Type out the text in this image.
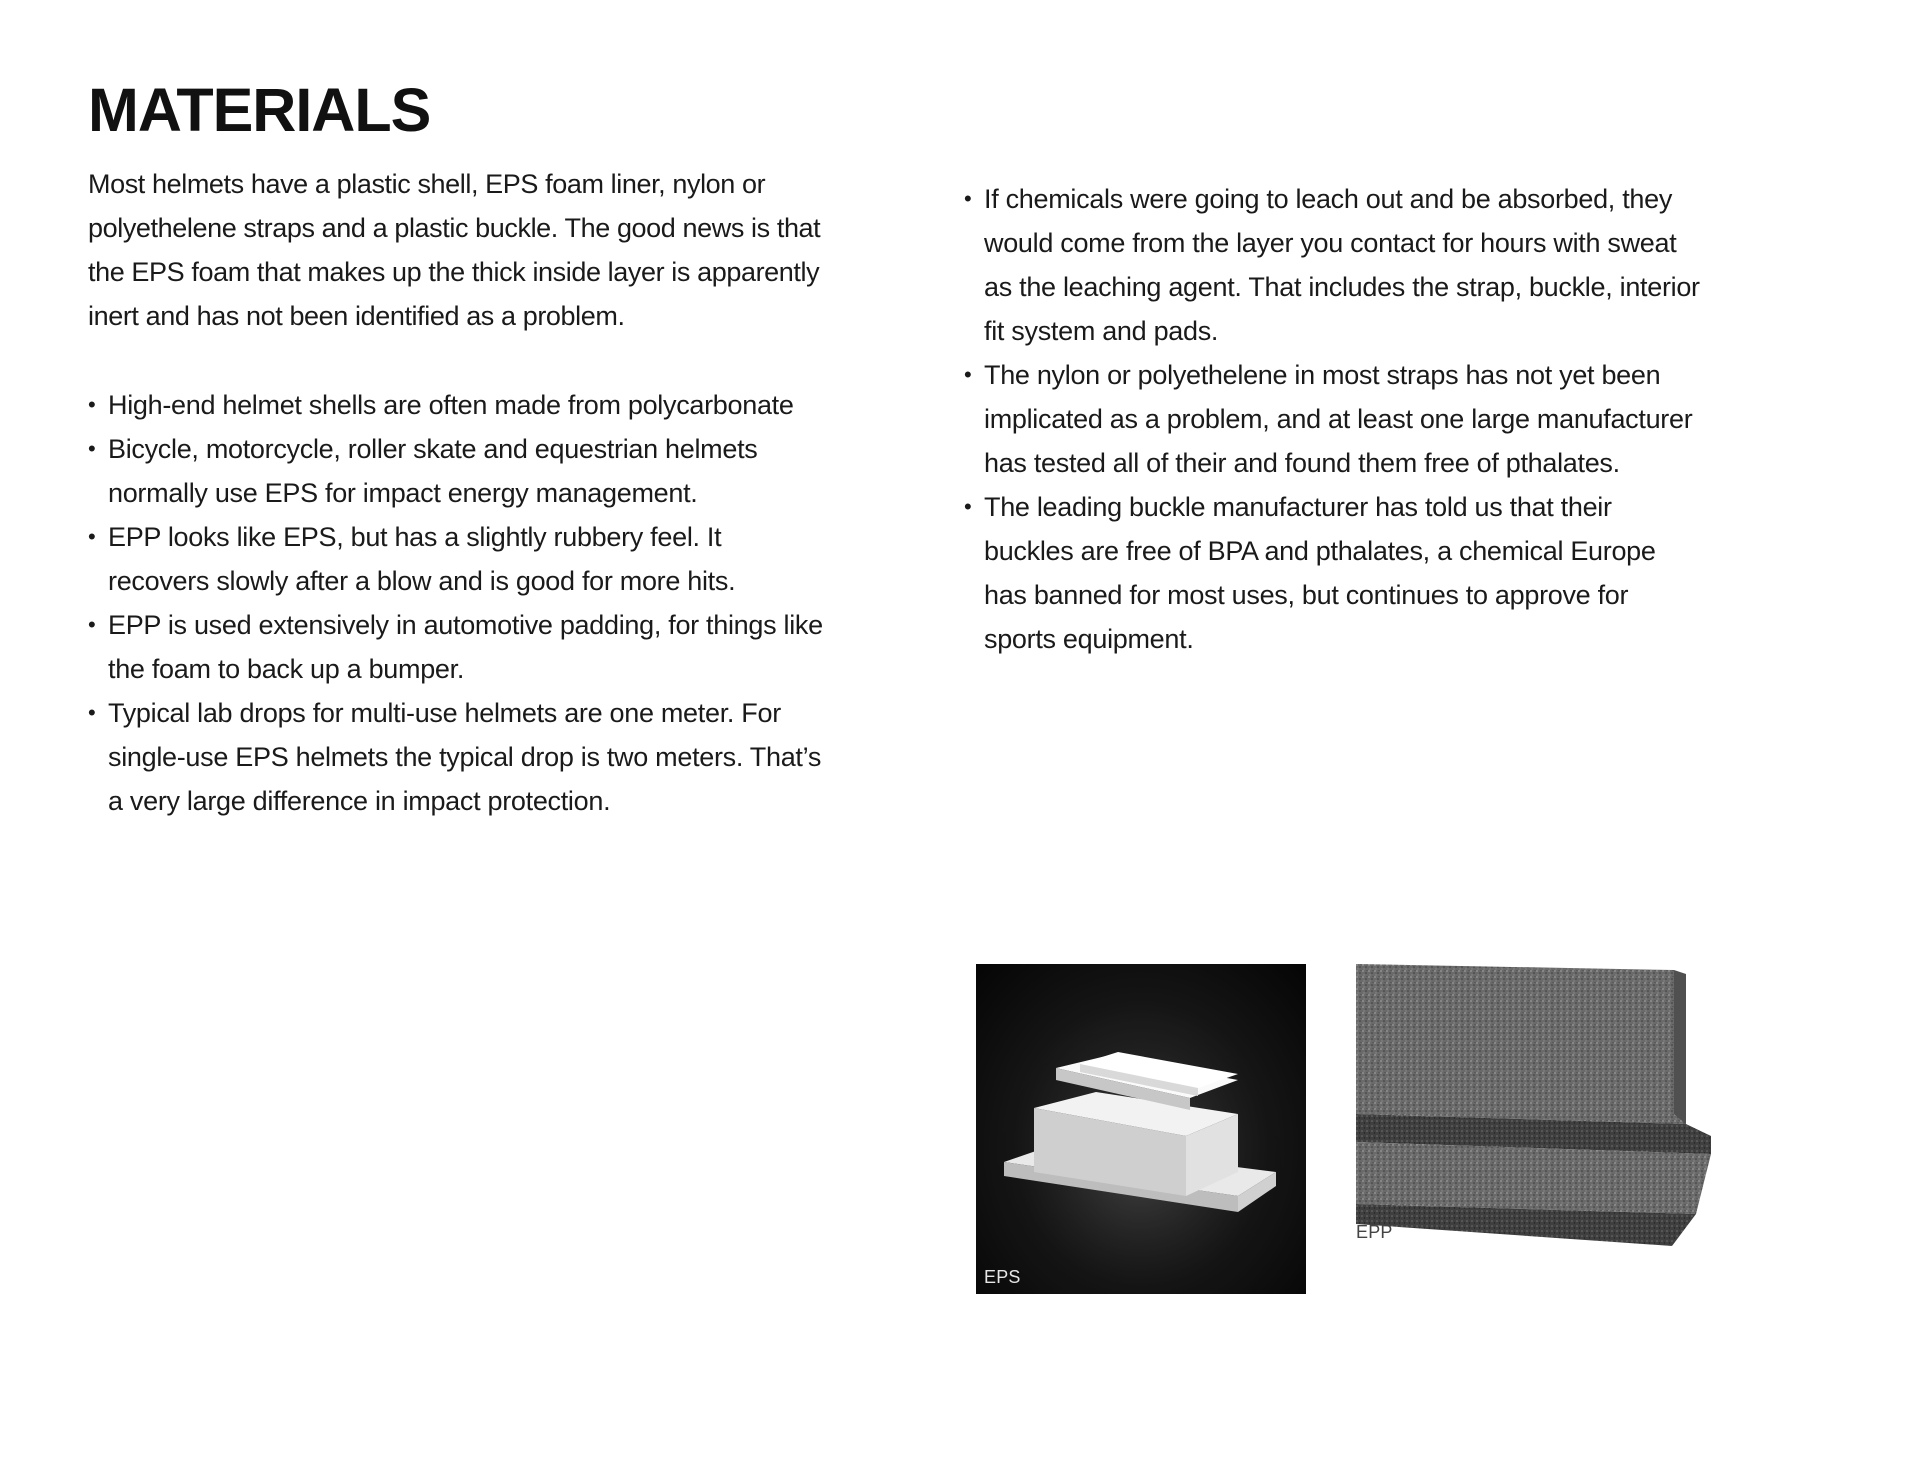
MATERIALS

Most helmets have a plastic shell, EPS foam liner, nylon or polyethelene straps and a plastic buckle. The good news is that the EPS foam that makes up the thick inside layer is apparently inert and has not been identified as a problem.

• High-end helmet shells are often made from polycarbonate
• Bicycle, motorcycle, roller skate and equestrian helmets normally use EPS for impact energy management.
• EPP looks like EPS, but has a slightly rubbery feel. It recovers slowly after a blow and is good for more hits.
• EPP is used extensively in automotive padding, for things like the foam to back up a bumper.
• Typical lab drops for multi-use helmets are one meter. For single-use EPS helmets the typical drop is two meters. That’s a very large difference in impact protection.
• If chemicals were going to leach out and be absorbed, they would come from the layer you contact for hours with sweat as the leaching agent. That includes the strap, buckle, interior fit system and pads.
• The nylon or polyethelene in most straps has not yet been implicated as a problem, and at least one large manufacturer has tested all of their and found them free of pthalates.
• The leading buckle manufacturer has told us that their buckles are free of BPA and pthalates, a chemical Europe has banned for most uses, but continues to approve for sports equipment.
EPS
EPP
